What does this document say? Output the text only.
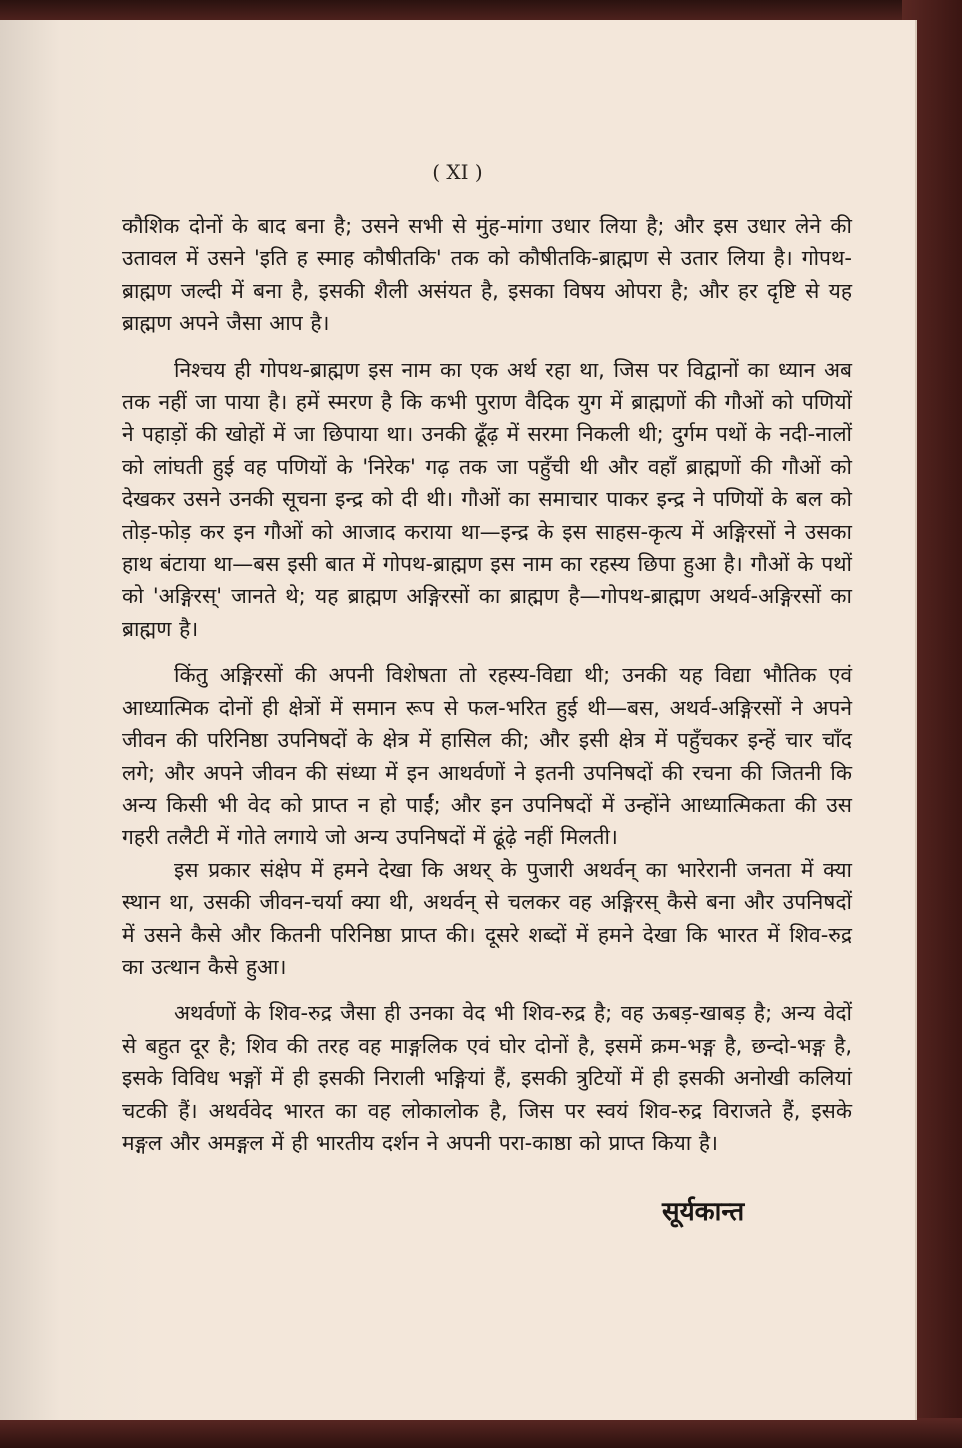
( XI )

कौशिक दोनों के बाद बना है; उसने सभी से मुंह-मांगा उधार लिया है; और इस उधार लेने की उतावल में उसने 'इति ह स्माह कौषीतकि' तक को कौषीतकि-ब्राह्मण से उतार लिया है। गोपथ-ब्राह्मण जल्दी में बना है, इसकी शैली असंयत है, इसका विषय ओपरा है; और हर दृष्टि से यह ब्राह्मण अपने जैसा आप है।

निश्चय ही गोपथ-ब्राह्मण इस नाम का एक अर्थ रहा था, जिस पर विद्वानों का ध्यान अब तक नहीं जा पाया है। हमें स्मरण है कि कभी पुराण वैदिक युग में ब्राह्मणों की गौओं को पणियों ने पहाड़ों की खोहों में जा छिपाया था। उनकी ढूँढ़ में सरमा निकली थी; दुर्गम पथों के नदी-नालों को लांघती हुई वह पणियों के 'निरेक' गढ़ तक जा पहुँची थी और वहाँ ब्राह्मणों की गौओं को देखकर उसने उनकी सूचना इन्द्र को दी थी। गौओं का समाचार पाकर इन्द्र ने पणियों के बल को तोड़-फोड़ कर इन गौओं को आजाद कराया था—इन्द्र के इस साहस-कृत्य में अङ्गिरसों ने उसका हाथ बंटाया था—बस इसी बात में गोपथ-ब्राह्मण इस नाम का रहस्य छिपा हुआ है। गौओं के पथों को 'अङ्गिरस्' जानते थे; यह ब्राह्मण अङ्गिरसों का ब्राह्मण है—गोपथ-ब्राह्मण अथर्व-अङ्गिरसों का ब्राह्मण है।

किंतु अङ्गिरसों की अपनी विशेषता तो रहस्य-विद्या थी; उनकी यह विद्या भौतिक एवं आध्यात्मिक दोनों ही क्षेत्रों में समान रूप से फल-भरित हुई थी—बस, अथर्व-अङ्गिरसों ने अपने जीवन की परिनिष्ठा उपनिषदों के क्षेत्र में हासिल की; और इसी क्षेत्र में पहुँचकर इन्हें चार चाँद लगे; और अपने जीवन की संध्या में इन आथर्वणों ने इतनी उपनिषदों की रचना की जितनी कि अन्य किसी भी वेद को प्राप्त न हो पाईं; और इन उपनिषदों में उन्होंने आध्यात्मिकता की उस गहरी तलैटी में गोते लगाये जो अन्य उपनिषदों में ढूंढ़े नहीं मिलती।

इस प्रकार संक्षेप में हमने देखा कि अथर् के पुजारी अथर्वन् का भारेरानी जनता में क्या स्थान था, उसकी जीवन-चर्या क्या थी, अथर्वन् से चलकर वह अङ्गिरस् कैसे बना और उपनिषदों में उसने कैसे और कितनी परिनिष्ठा प्राप्त की। दूसरे शब्दों में हमने देखा कि भारत में शिव-रुद्र का उत्थान कैसे हुआ।

अथर्वणों के शिव-रुद्र जैसा ही उनका वेद भी शिव-रुद्र है; वह ऊबड़-खाबड़ है; अन्य वेदों से बहुत दूर है; शिव की तरह वह माङ्गलिक एवं घोर दोनों है, इसमें क्रम-भङ्ग है, छन्दो-भङ्ग है, इसके विविध भङ्गों में ही इसकी निराली भङ्गियां हैं, इसकी त्रुटियों में ही इसकी अनोखी कलियां चटकी हैं। अथर्ववेद भारत का वह लोकालोक है, जिस पर स्वयं शिव-रुद्र विराजते हैं, इसके मङ्गल और अमङ्गल में ही भारतीय दर्शन ने अपनी परा-काष्ठा को प्राप्त किया है।

सूर्यकान्त
